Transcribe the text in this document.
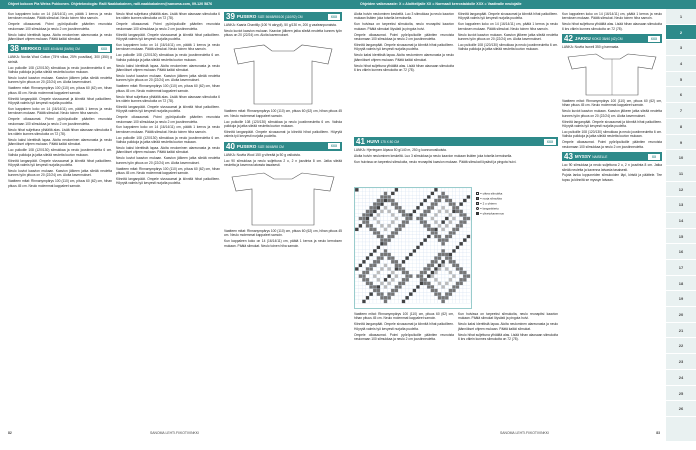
Ohjeet kokoon Pia Weiss Pokkonen. Ohjeteknologia: Raili Naakkakainen, raili.naakkakainen@sanoma.com, 09-120 5876	Ohjeiden vaikeusaste: X = Aloittelijalle XX = Normaali kerrostaidolle XXX = Vaativalle neulojalle

Kun kappaleen koko on 14 (16/14/11) cm, päätä 1 kerros ja neulo kerroksen mukaan. Päätä silmukat. Neulo toinen hiha samoin.

Ompele olkasaumat. Poimi pyöröpuikoille pääntien reunoista neulomaan 100 silmukkaa ja neulo 2 cm joustinneuletta.

Neulo kaksi identtistä lapaa. Aloita neulominen alareunasta ja neulo jäännökset ohjeen mukaan. Päätä kaikki silmukat.

38 MERKKO SIZE 40/46/48 (54/56) CM	XXX

LANKA: Novita Wool Cotton (75% villaa, 25% puuvillaa), 300 (350) g sinistä.

Luo puikoille 108 (120/130) silmukkaa ja neulo joustinneuletta 6 cm. Vaihda puikkoja ja jatka sileää neuletta kuvion mukaan.

Neulo kuviot kaavion mukaan. Kaavion jälkeen jatka sileää neuletta kunnes työn pituus on 20 (22/24) cm. Aloita kavennukset.

Vaatteen mitat: Rinnanympärys 100 (110) cm, pituus 60 (62) cm, hihan pituus 45 cm. Neulo molemmat kappaleet samoin.

Kiinnitä langanpäät. Ompele sivusaumat ja kiinnitä hihat paikoilleen. Höyrytä valmis työ kevyesti nurjalta puolelta.

Kun kappaleen koko on 14 (16/14/11) cm, päätä 1 kerros ja neulo kerroksen mukaan. Päätä silmukat. Neulo toinen hiha samoin.

Ompele olkasaumat. Poimi pyöröpuikoille pääntien reunoista neulomaan 100 silmukkaa ja neulo 2 cm joustinneuletta.

Neulo hihat suljettuna ylhäältä alas. Lisää hihan alaosaan silmukoita 6 krs välein kunnes silmukoita on 72 (78).

Neulo kaksi identtistä lapaa. Aloita neulominen alareunasta ja neulo jäännökset ohjeen mukaan. Päätä kaikki silmukat.

Luo puikoille 108 (120/130) silmukkaa ja neulo joustinneuletta 6 cm. Vaihda puikkoja ja jatka sileää neuletta kuvion mukaan.

Kiinnitä langanpäät. Ompele sivusaumat ja kiinnitä hihat paikoilleen. Höyrytä valmis työ kevyesti nurjalta puolelta.

Neulo kuviot kaavion mukaan. Kaavion jälkeen jatka sileää neuletta kunnes työn pituus on 20 (22/24) cm. Aloita kavennukset.

Vaatteen mitat: Rinnanympärys 100 (110) cm, pituus 60 (62) cm, hihan pituus 45 cm. Neulo molemmat kappaleet samoin.

Neulo hihat suljettuna ylhäältä alas. Lisää hihan alaosaan silmukoita 6 krs välein kunnes silmukoita on 72 (78).

Ompele olkasaumat. Poimi pyöröpuikoille pääntien reunoista neulomaan 100 silmukkaa ja neulo 2 cm joustinneuletta.

Kiinnitä langanpäät. Ompele sivusaumat ja kiinnitä hihat paikoilleen. Höyrytä valmis työ kevyesti nurjalta puolelta.

Kun kappaleen koko on 14 (16/14/11) cm, päätä 1 kerros ja neulo kerroksen mukaan. Päätä silmukat. Neulo toinen hiha samoin.

Luo puikoille 108 (120/130) silmukkaa ja neulo joustinneuletta 6 cm. Vaihda puikkoja ja jatka sileää neuletta kuvion mukaan.

Neulo kaksi identtistä lapaa. Aloita neulominen alareunasta ja neulo jäännökset ohjeen mukaan. Päätä kaikki silmukat.

Neulo kuviot kaavion mukaan. Kaavion jälkeen jatka sileää neuletta kunnes työn pituus on 20 (22/24) cm. Aloita kavennukset.

Vaatteen mitat: Rinnanympärys 100 (110) cm, pituus 60 (62) cm, hihan pituus 45 cm. Neulo molemmat kappaleet samoin.

Neulo hihat suljettuna ylhäältä alas. Lisää hihan alaosaan silmukoita 6 krs välein kunnes silmukoita on 72 (78).

Kiinnitä langanpäät. Ompele sivusaumat ja kiinnitä hihat paikoilleen. Höyrytä valmis työ kevyesti nurjalta puolelta.

Ompele olkasaumat. Poimi pyöröpuikoille pääntien reunoista neulomaan 100 silmukkaa ja neulo 2 cm joustinneuletta.

Kun kappaleen koko on 14 (16/14/11) cm, päätä 1 kerros ja neulo kerroksen mukaan. Päätä silmukat. Neulo toinen hiha samoin.

Luo puikoille 108 (120/130) silmukkaa ja neulo joustinneuletta 6 cm. Vaihda puikkoja ja jatka sileää neuletta kuvion mukaan.

Neulo kaksi identtistä lapaa. Aloita neulominen alareunasta ja neulo jäännökset ohjeen mukaan. Päätä kaikki silmukat.

Neulo kuviot kaavion mukaan. Kaavion jälkeen jatka sileää neuletta kunnes työn pituus on 20 (22/24) cm. Aloita kavennukset.

Vaatteen mitat: Rinnanympärys 100 (110) cm, pituus 60 (62) cm, hihan pituus 45 cm. Neulo molemmat kappaleet samoin.

Kiinnitä langanpäät. Ompele sivusaumat ja kiinnitä hihat paikoilleen. Höyrytä valmis työ kevyesti nurjalta puolelta.

39 PUSERO SIZE 56/68/98/100 (110/92) CM	XXX

LANKA: Kaaria Chantilly (100 % akryyli), 50 g/130 m, 200 g vaaleanpunaista.

Neulo kuviot kaavion mukaan. Kaavion jälkeen jatka sileää neuletta kunnes työn pituus on 20 (22/24) cm. Aloita kavennukset.

Vaatteen mitat: Rinnanympärys 100 (110) cm, pituus 60 (62) cm, hihan pituus 45 cm. Neulo molemmat kappaleet samoin.

Luo puikoille 108 (120/130) silmukkaa ja neulo joustinneuletta 6 cm. Vaihda puikkoja ja jatka sileää neuletta kuvion mukaan.

Kiinnitä langanpäät. Ompele sivusaumat ja kiinnitä hihat paikoilleen. Höyrytä valmis työ kevyesti nurjalta puolelta.

40 PUSERO SIZE 56/68/98 CM	XXX

LANKA: Novita Wool 150 g vihreää ja 50 g valkoista.

Luo 90 silmukkaa ja neulo suljettuna 2 o, 2 n joustinta 8 cm. Jatka sileää neuletta ja kavenna latvasta tasaisesti.

Vaatteen mitat: Rinnanympärys 100 (110) cm, pituus 60 (62) cm, hihan pituus 45 cm. Neulo molemmat kappaleet samoin.

Kun kappaleen koko on 14 (16/14/11) cm, päätä 1 kerros ja neulo kerroksen mukaan. Päätä silmukat. Neulo toinen hiha samoin.

82	SANOMA LEHTI.FI/KOTIVINKKI

Aloita huivin neulominen keskeltä. Luo 3 silmukkaa ja neulo kaavion mukaan lisäten joka toisella kerroksella.

Kun huivissa on tarpeeksi silmukoita, neulo reunapitsi kaavion mukaan. Päätä silmukat löysästi ja pingota huivi.

Ompele olkasaumat. Poimi pyöröpuikoille pääntien reunoista neulomaan 100 silmukkaa ja neulo 2 cm joustinneuletta.

Kiinnitä langanpäät. Ompele sivusaumat ja kiinnitä hihat paikoilleen. Höyrytä valmis työ kevyesti nurjalta puolelta.

Neulo kaksi identtistä lapaa. Aloita neulominen alareunasta ja neulo jäännökset ohjeen mukaan. Päätä kaikki silmukat.

Neulo hihat suljettuna ylhäältä alas. Lisää hihan alaosaan silmukoita 6 krs välein kunnes silmukoita on 72 (78).

Kiinnitä langanpäät. Ompele sivusaumat ja kiinnitä hihat paikoilleen. Höyrytä valmis työ kevyesti nurjalta puolelta.

Kun kappaleen koko on 14 (16/14/11) cm, päätä 1 kerros ja neulo kerroksen mukaan. Päätä silmukat. Neulo toinen hiha samoin.

Neulo kuviot kaavion mukaan. Kaavion jälkeen jatka sileää neuletta kunnes työn pituus on 20 (22/24) cm. Aloita kavennukset.

Luo puikoille 108 (120/130) silmukkaa ja neulo joustinneuletta 6 cm. Vaihda puikkoja ja jatka sileää neuletta kuvion mukaan.

41 HUIVI 175 X 80 CM	XXX

LANKA: Hjertegarn Alpaca 50 g/140 m, 250 g luonnonvalkoista.

Aloita huivin neulominen keskeltä. Luo 3 silmukkaa ja neulo kaavion mukaan lisäten joka toisella kerroksella.

Kun huivissa on tarpeeksi silmukoita, neulo reunapitsi kaavion mukaan. Päätä silmukat löysästi ja pingota huivi.

= oikea silmukka
= nurja silmukka
= 2 o yhteen
= langankierto
= ylivetokavennus

Vaatteen mitat: Rinnanympärys 100 (110) cm, pituus 60 (62) cm, hihan pituus 45 cm. Neulo molemmat kappaleet samoin.

Kiinnitä langanpäät. Ompele sivusaumat ja kiinnitä hihat paikoilleen. Höyrytä valmis työ kevyesti nurjalta puolelta.

Ompele olkasaumat. Poimi pyöröpuikoille pääntien reunoista neulomaan 100 silmukkaa ja neulo 2 cm joustinneuletta.

Kun huivissa on tarpeeksi silmukoita, neulo reunapitsi kaavion mukaan. Päätä silmukat löysästi ja pingota huivi.

Neulo kaksi identtistä lapaa. Aloita neulominen alareunasta ja neulo jäännökset ohjeen mukaan. Päätä kaikki silmukat.

Neulo hihat suljettuna ylhäältä alas. Lisää hihan alaosaan silmukoita 6 krs välein kunnes silmukoita on 72 (78).

Kun kappaleen koko on 14 (16/14/11) cm, päätä 1 kerros ja neulo kerroksen mukaan. Päätä silmukat. Neulo toinen hiha samoin.

Neulo hihat suljettuna ylhäältä alas. Lisää hihan alaosaan silmukoita 6 krs välein kunnes silmukoita on 72 (78).

42 JAKKU KOKO 38/40 (42) CM	XXX

LANKA: Novita Isoveli 350 g harmaata.

Vaatteen mitat: Rinnanympärys 100 (110) cm, pituus 60 (62) cm, hihan pituus 45 cm. Neulo molemmat kappaleet samoin.

Neulo kuviot kaavion mukaan. Kaavion jälkeen jatka sileää neuletta kunnes työn pituus on 20 (22/24) cm. Aloita kavennukset.

Kiinnitä langanpäät. Ompele sivusaumat ja kiinnitä hihat paikoilleen. Höyrytä valmis työ kevyesti nurjalta puolelta.

Luo puikoille 108 (120/130) silmukkaa ja neulo joustinneuletta 6 cm. Vaihda puikkoja ja jatka sileää neuletta kuvion mukaan.

Ompele olkasaumat. Poimi pyöröpuikoille pääntien reunoista neulomaan 100 silmukkaa ja neulo 2 cm joustinneuletta.

43 MYSSY NAISELLE	XX

Luo 90 silmukkaa ja neulo suljettuna 2 o, 2 n joustinta 8 cm. Jatka sileää neuletta ja kavenna latvasta tasaisesti.

Pujota lanka loppuneiden silmukoiden läpi, kiristä ja päättele. Tee tupsu ja kiinnitä se myssyn latvaan.

SANOMA LEHTI.FI/KOTIVINKKI	83
1
2
3
4
5
6
7
8
9
10
11
12
13
14
15
16
17
18
19
20
21
22
23
24
25
26
